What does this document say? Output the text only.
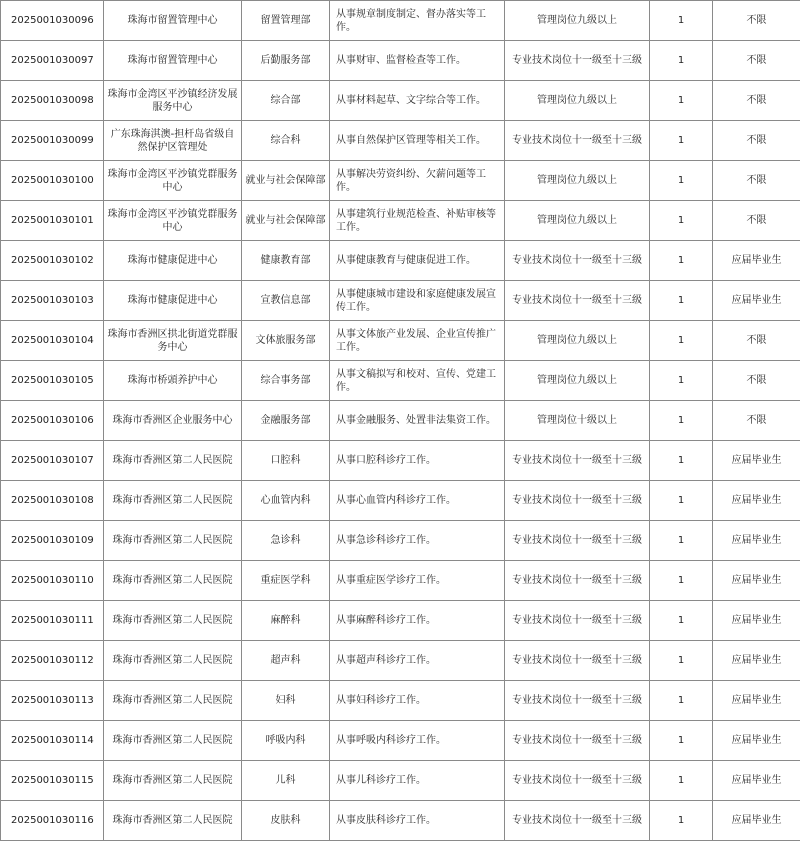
2025001030096	珠海市留置管理中心	留置管理部	从事规章制度制定、督办落实等工作。	管理岗位九级以上	1	不限
2025001030097	珠海市留置管理中心	后勤服务部	从事财审、监督检查等工作。	专业技术岗位十一级至十三级	1	不限
2025001030098	珠海市金湾区平沙镇经济发展服务中心	综合部	从事材料起草、文字综合等工作。	管理岗位九级以上	1	不限
2025001030099	广东珠海淇澳-担杆岛省级自然保护区管理处	综合科	从事自然保护区管理等相关工作。	专业技术岗位十一级至十三级	1	不限
2025001030100	珠海市金湾区平沙镇党群服务中心	就业与社会保障部	从事解决劳资纠纷、欠薪问题等工作。	管理岗位九级以上	1	不限
2025001030101	珠海市金湾区平沙镇党群服务中心	就业与社会保障部	从事建筑行业规范检查、补贴审核等工作。	管理岗位九级以上	1	不限
2025001030102	珠海市健康促进中心	健康教育部	从事健康教育与健康促进工作。	专业技术岗位十一级至十三级	1	应届毕业生
2025001030103	珠海市健康促进中心	宣教信息部	从事健康城市建设和家庭健康发展宣传工作。	专业技术岗位十一级至十三级	1	应届毕业生
2025001030104	珠海市香洲区拱北街道党群服务中心	文体旅服务部	从事文体旅产业发展、企业宣传推广工作。	管理岗位九级以上	1	不限
2025001030105	珠海市桥頭养护中心	综合事务部	从事文稿拟写和校对、宣传、党建工作。	管理岗位九级以上	1	不限
2025001030106	珠海市香洲区企业服务中心	金融服务部	从事金融服务、处置非法集资工作。	管理岗位十级以上	1	不限
2025001030107	珠海市香洲区第二人民医院	口腔科	从事口腔科诊疗工作。	专业技术岗位十一级至十三级	1	应届毕业生
2025001030108	珠海市香洲区第二人民医院	心血管内科	从事心血管内科诊疗工作。	专业技术岗位十一级至十三级	1	应届毕业生
2025001030109	珠海市香洲区第二人民医院	急诊科	从事急诊科诊疗工作。	专业技术岗位十一级至十三级	1	应届毕业生
2025001030110	珠海市香洲区第二人民医院	重症医学科	从事重症医学诊疗工作。	专业技术岗位十一级至十三级	1	应届毕业生
2025001030111	珠海市香洲区第二人民医院	麻醉科	从事麻醉科诊疗工作。	专业技术岗位十一级至十三级	1	应届毕业生
2025001030112	珠海市香洲区第二人民医院	超声科	从事超声科诊疗工作。	专业技术岗位十一级至十三级	1	应届毕业生
2025001030113	珠海市香洲区第二人民医院	妇科	从事妇科诊疗工作。	专业技术岗位十一级至十三级	1	应届毕业生
2025001030114	珠海市香洲区第二人民医院	呼吸内科	从事呼吸内科诊疗工作。	专业技术岗位十一级至十三级	1	应届毕业生
2025001030115	珠海市香洲区第二人民医院	儿科	从事儿科诊疗工作。	专业技术岗位十一级至十三级	1	应届毕业生
2025001030116	珠海市香洲区第二人民医院	皮肤科	从事皮肤科诊疗工作。	专业技术岗位十一级至十三级	1	应届毕业生
